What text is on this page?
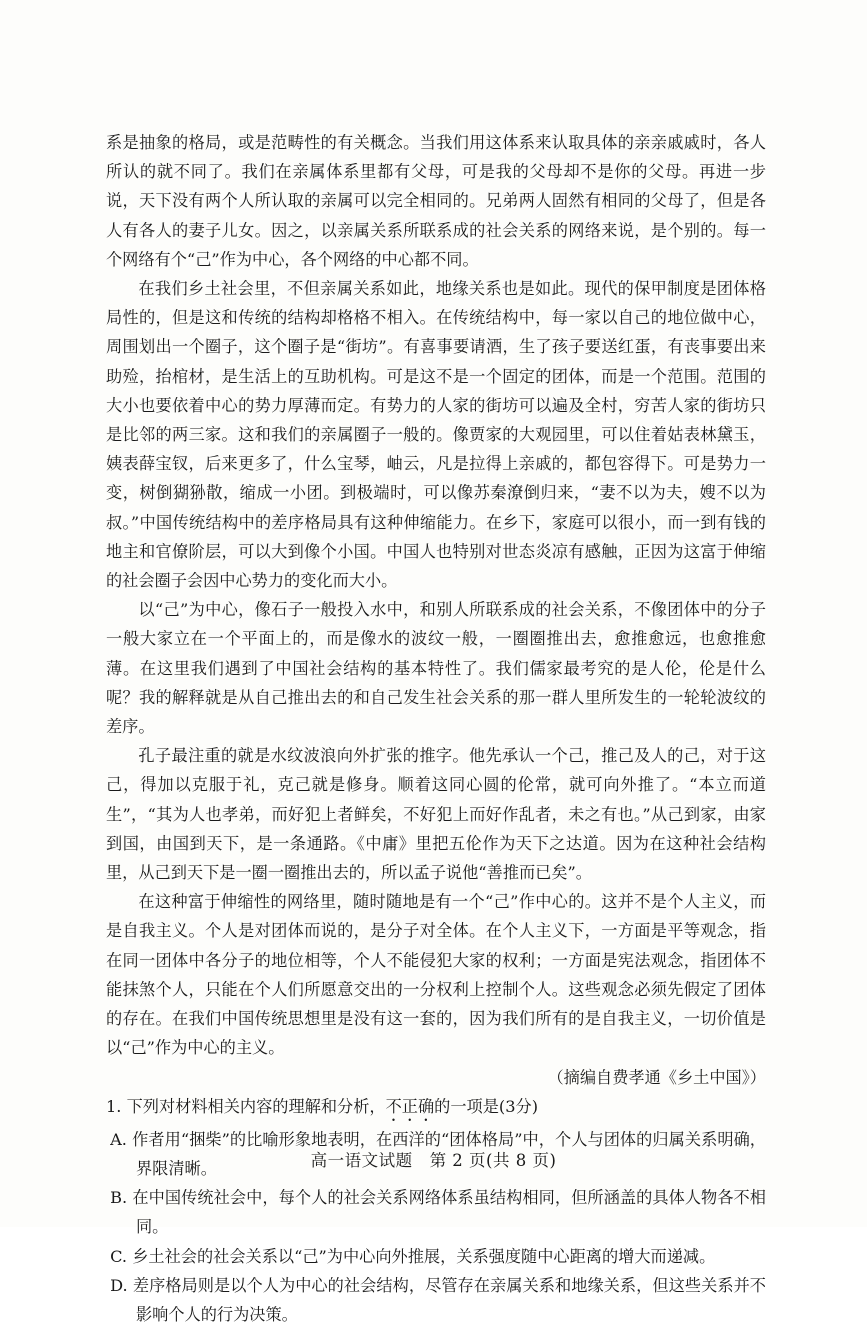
系是抽象的格局，或是范畴性的有关概念。当我们用这体系来认取具体的亲亲戚戚时，各人所认的就不同了。我们在亲属体系里都有父母，可是我的父母却不是你的父母。再进一步说，天下没有两个人所认取的亲属可以完全相同的。兄弟两人固然有相同的父母了，但是各人有各人的妻子儿女。因之，以亲属关系所联系成的社会关系的网络来说，是个别的。每一个网络有个“己”作为中心，各个网络的中心都不同。

在我们乡土社会里，不但亲属关系如此，地缘关系也是如此。现代的保甲制度是团体格局性的，但是这和传统的结构却格格不相入。在传统结构中，每一家以自己的地位做中心，周围划出一个圈子，这个圈子是“街坊”。有喜事要请酒，生了孩子要送红蛋，有丧事要出来助殓，抬棺材，是生活上的互助机构。可是这不是一个固定的团体，而是一个范围。范围的大小也要依着中心的势力厚薄而定。有势力的人家的街坊可以遍及全村，穷苦人家的街坊只是比邻的两三家。这和我们的亲属圈子一般的。像贾家的大观园里，可以住着姑表林黛玉，姨表薛宝钗，后来更多了，什么宝琴，岫云，凡是拉得上亲戚的，都包容得下。可是势力一变，树倒猢狲散，缩成一小团。到极端时，可以像苏秦潦倒归来，“妻不以为夫，嫂不以为叔。”中国传统结构中的差序格局具有这种伸缩能力。在乡下，家庭可以很小，而一到有钱的地主和官僚阶层，可以大到像个小国。中国人也特别对世态炎凉有感触，正因为这富于伸缩的社会圈子会因中心势力的变化而大小。

以“己”为中心，像石子一般投入水中，和别人所联系成的社会关系，不像团体中的分子一般大家立在一个平面上的，而是像水的波纹一般，一圈圈推出去，愈推愈远，也愈推愈薄。在这里我们遇到了中国社会结构的基本特性了。我们儒家最考究的是人伦，伦是什么呢？我的解释就是从自己推出去的和自己发生社会关系的那一群人里所发生的一轮轮波纹的差序。

孔子最注重的就是水纹波浪向外扩张的推字。他先承认一个己，推己及人的己，对于这己，得加以克服于礼，克己就是修身。顺着这同心圆的伦常，就可向外推了。“本立而道生”，“其为人也孝弟，而好犯上者鲜矣，不好犯上而好作乱者，未之有也。”从己到家，由家到国，由国到天下，是一条通路。《中庸》里把五伦作为天下之达道。因为在这种社会结构里，从己到天下是一圈一圈推出去的，所以孟子说他“善推而已矣”。

在这种富于伸缩性的网络里，随时随地是有一个“己”作中心的。这并不是个人主义，而是自我主义。个人是对团体而说的，是分子对全体。在个人主义下，一方面是平等观念，指在同一团体中各分子的地位相等，个人不能侵犯大家的权利；一方面是宪法观念，指团体不能抹煞个人，只能在个人们所愿意交出的一分权利上控制个人。这些观念必须先假定了团体的存在。在我们中国传统思想里是没有这一套的，因为我们所有的是自我主义，一切价值是以“己”作为中心的主义。

（摘编自费孝通《乡土中国》）

1. 下列对材料相关内容的理解和分析，不正确的一项是(3分)

A. 作者用“捆柴”的比喻形象地表明，在西洋的“团体格局”中，个人与团体的归属关系明确，界限清晰。

B. 在中国传统社会中，每个人的社会关系网络体系虽结构相同，但所涵盖的具体人物各不相同。

C. 乡土社会的社会关系以“己”为中心向外推展，关系强度随中心距离的增大而递减。

D. 差序格局则是以个人为中心的社会结构，尽管存在亲属关系和地缘关系，但这些关系并不影响个人的行为决策。

高一语文试题　第 2 页(共 8 页)
